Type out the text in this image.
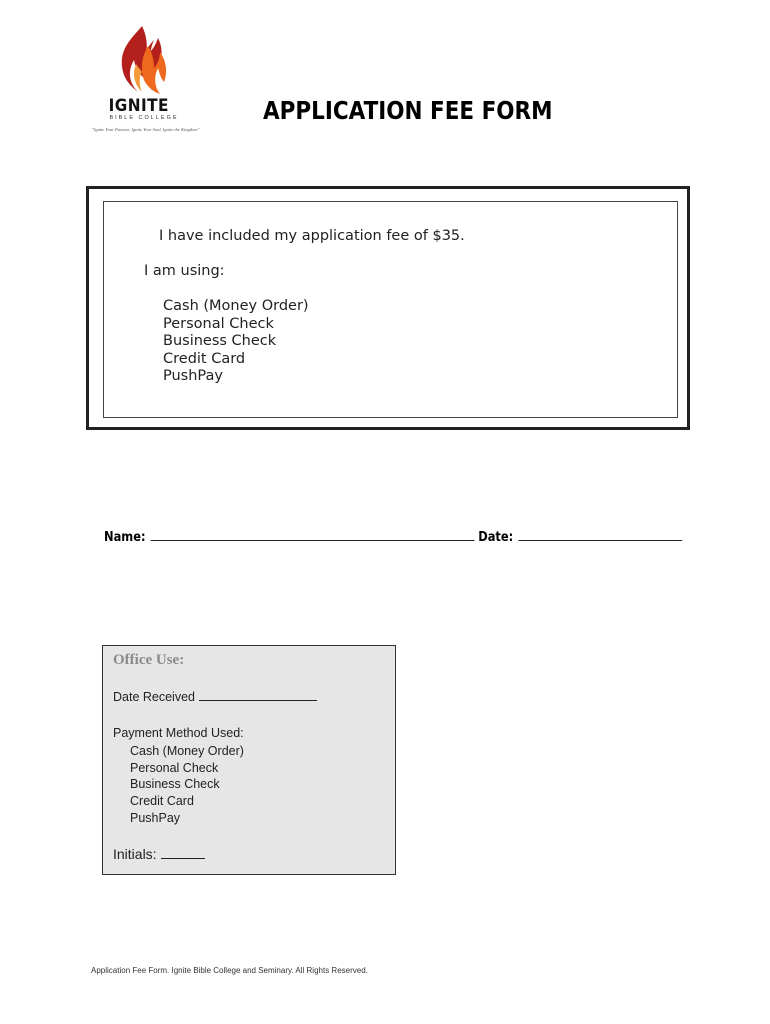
IGNITE
BIBLE COLLEGE
"Ignite Your Passion, Ignite Your Soul, Ignite the Kingdom"
APPLICATION FEE FORM
I have included my application fee of $35.
I am using:
Cash (Money Order)
Personal Check
Business Check
Credit Card
PushPay
Name:	Date:
Office Use:
Date Received
Payment Method Used:
Cash (Money Order)
Personal Check
Business Check
Credit Card
PushPay
Initials:
Application Fee Form. Ignite Bible College and Seminary. All Rights Reserved.
